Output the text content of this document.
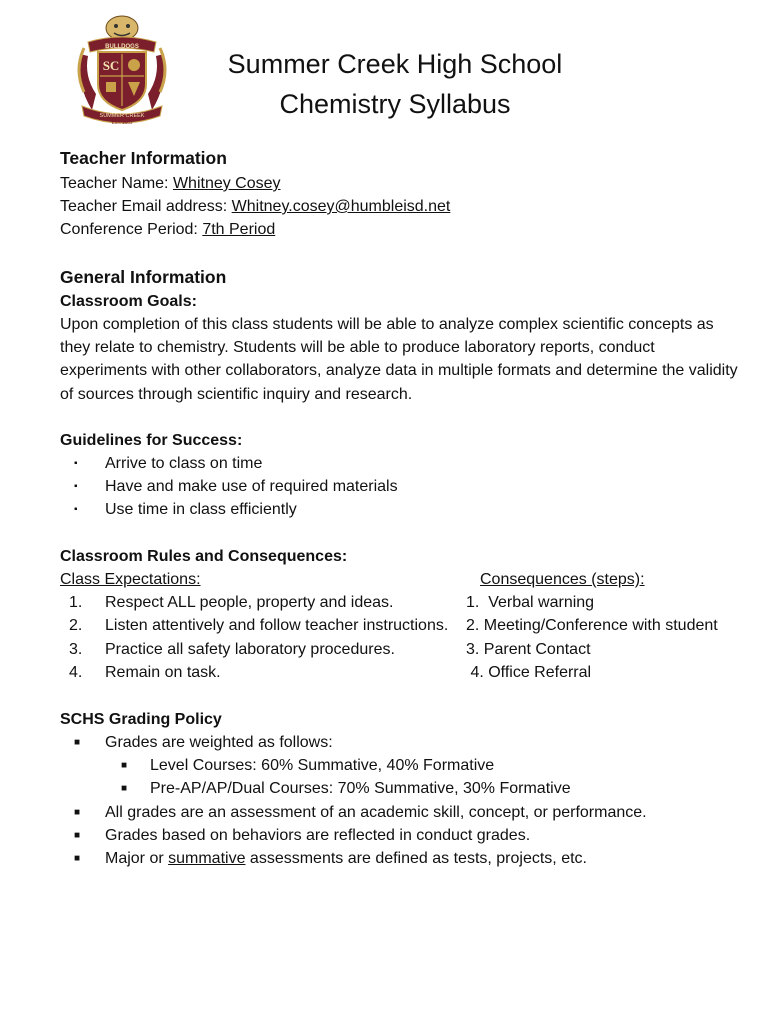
BULLDOGS
SC
SUMMER CREEK
EST. 2003
Summer Creek High School
Chemistry Syllabus
Teacher Information
Teacher Name: Whitney Cosey
Teacher Email address: Whitney.cosey@humbleisd.net
Conference Period: 7th Period
General Information
Classroom Goals:
Upon completion of this class students will be able to analyze complex scientific concepts as they relate to chemistry. Students will be able to produce laboratory reports, conduct experiments with other collaborators, analyze data in multiple formats and determine the validity of sources through scientific inquiry and research.
Guidelines for Success:
▪ Arrive to class on time
▪ Have and make use of required materials
▪ Use time in class efficiently
Classroom Rules and Consequences:
Class Expectations:	Consequences (steps):
1. Respect ALL people, property and ideas.	1.  Verbal warning
2. Listen attentively and follow teacher instructions. 2. Meeting/Conference with student
3. Practice all safety laboratory procedures.	3. Parent Contact
4. Remain on task.	4. Office Referral
SCHS Grading Policy
■ Grades are weighted as follows:
■ Level Courses: 60% Summative, 40% Formative
■ Pre-AP/AP/Dual Courses: 70% Summative, 30% Formative
■ All grades are an assessment of an academic skill, concept, or performance.
■ Grades based on behaviors are reflected in conduct grades.
■ Major or summative assessments are defined as tests, projects, etc.
